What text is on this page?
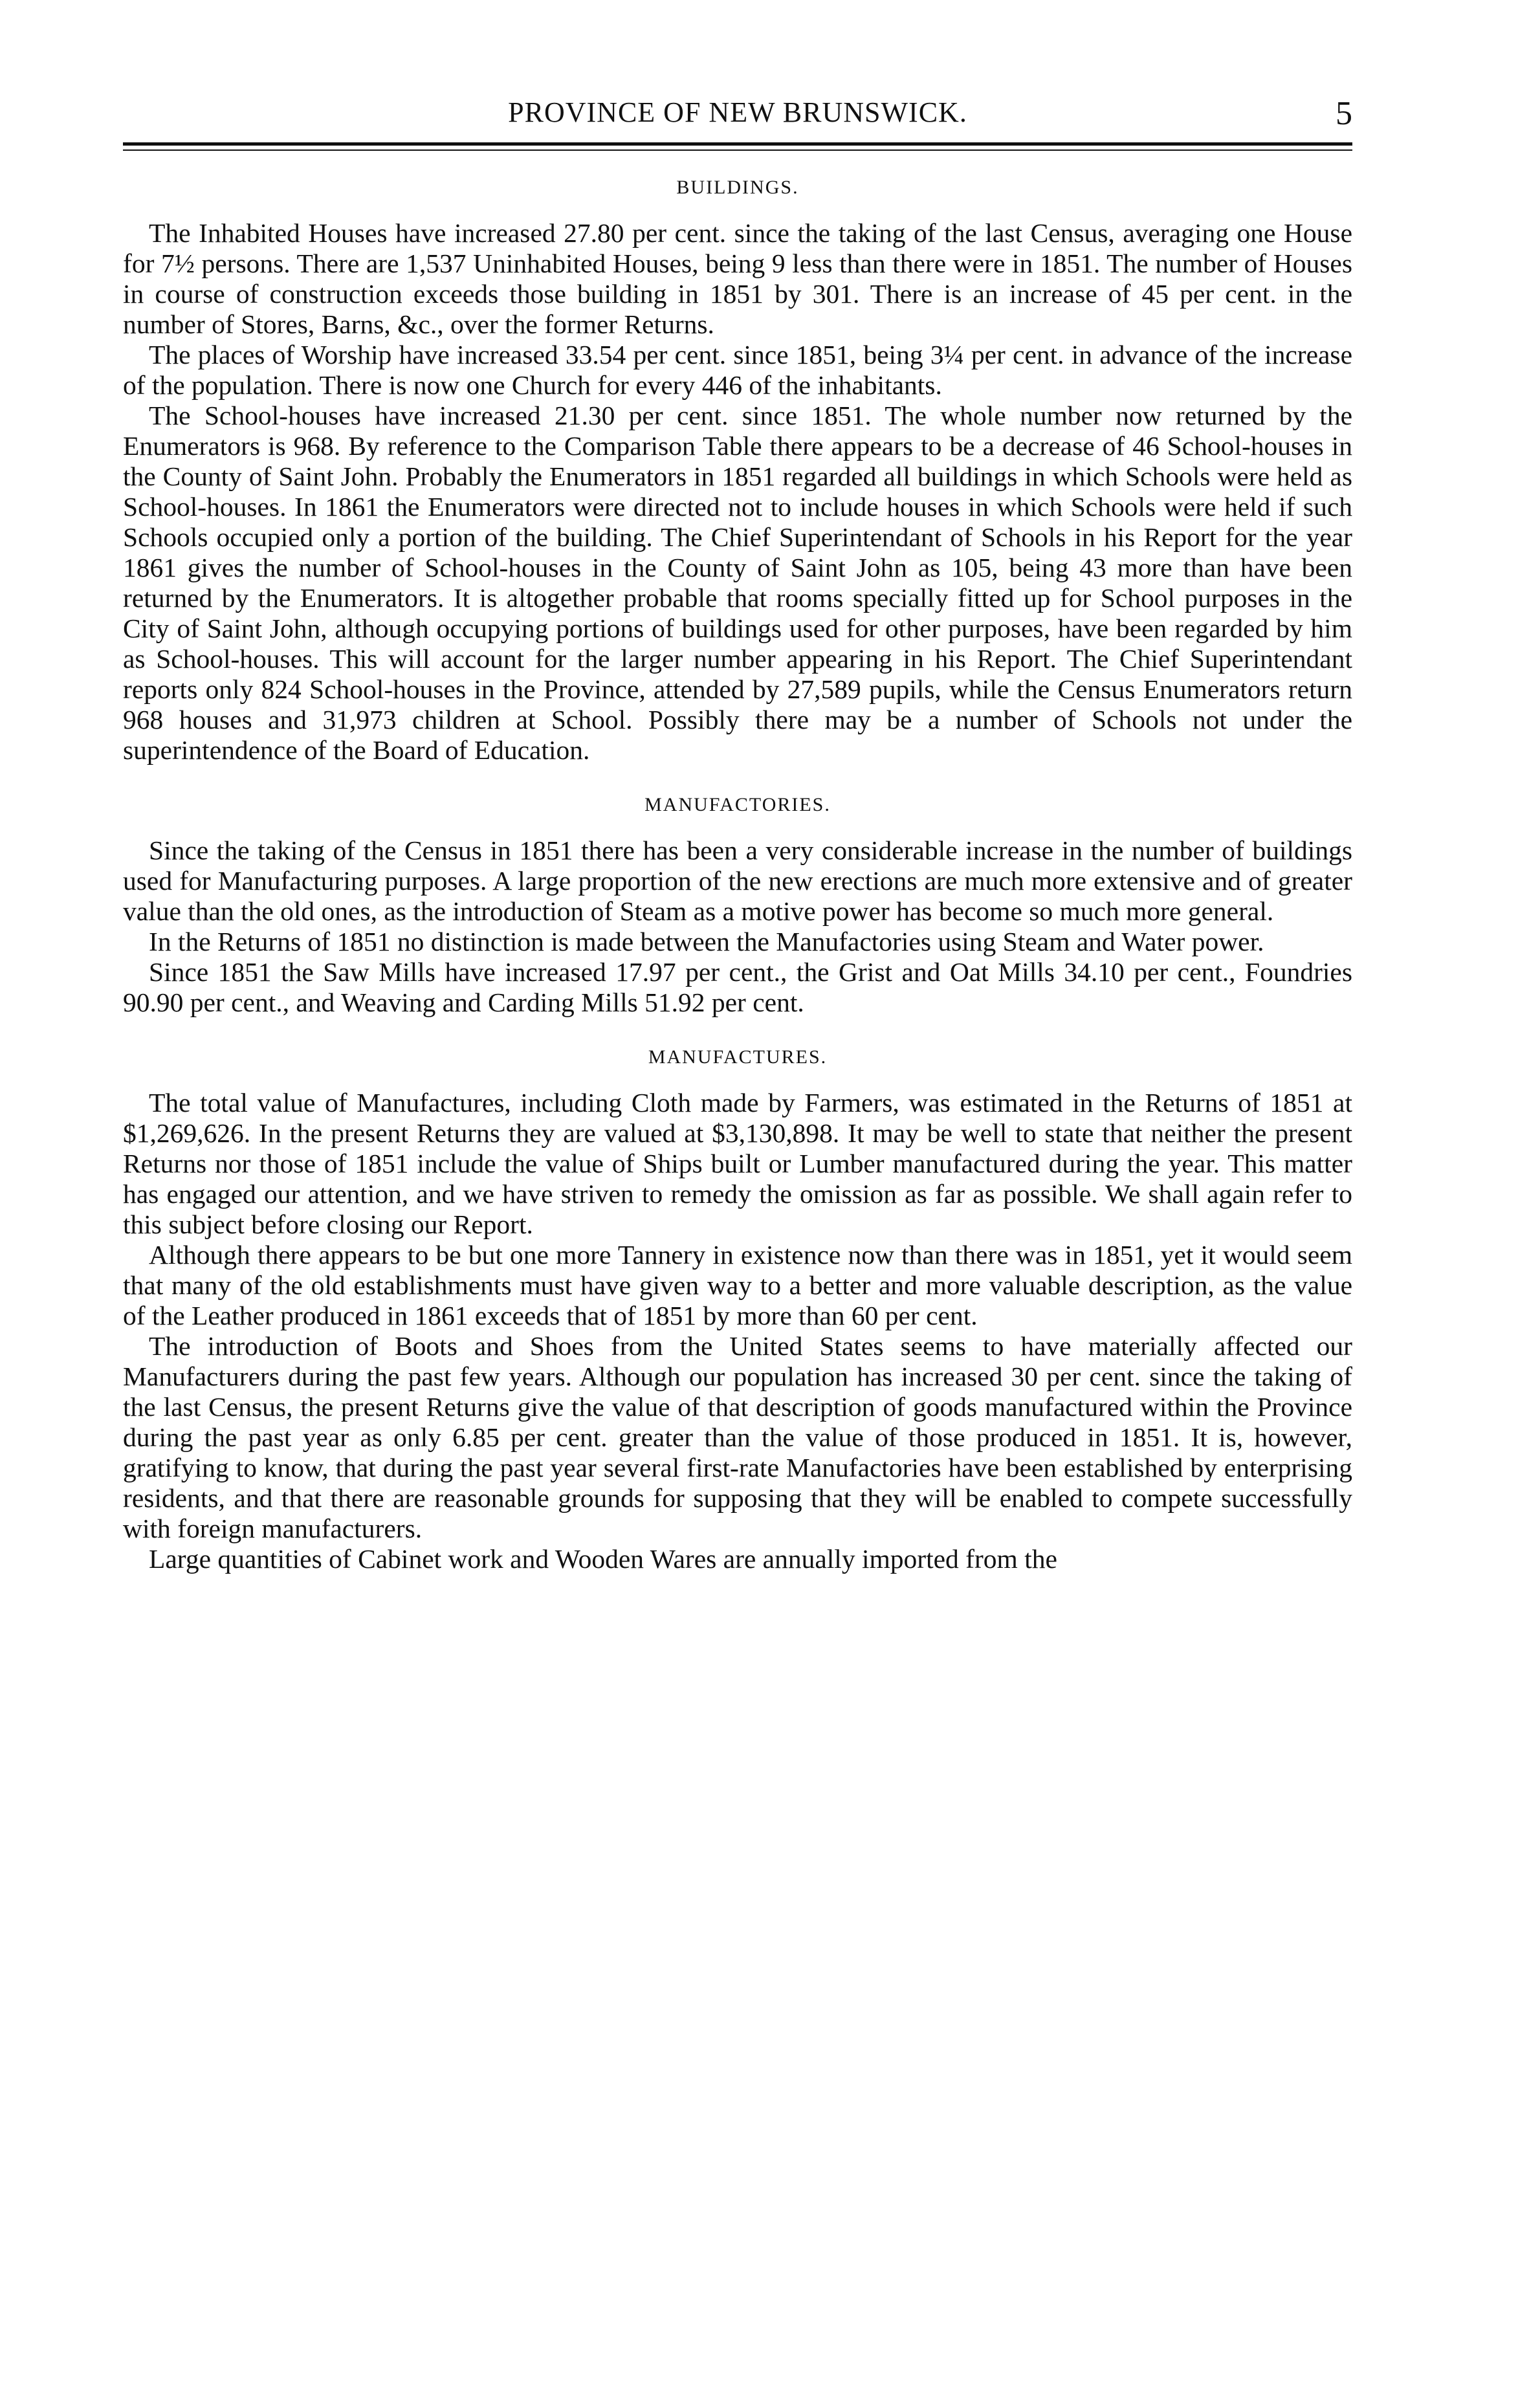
PROVINCE OF NEW BRUNSWICK.	5
BUILDINGS.

The Inhabited Houses have increased 27.80 per cent. since the taking of the last Census, averaging one House for 7½ persons. There are 1,537 Uninhabited Houses, being 9 less than there were in 1851. The number of Houses in course of construction exceeds those building in 1851 by 301. There is an increase of 45 per cent. in the number of Stores, Barns, &c., over the former Returns.

The places of Worship have increased 33.54 per cent. since 1851, being 3¼ per cent. in advance of the increase of the population. There is now one Church for every 446 of the inhabitants.

The School-houses have increased 21.30 per cent. since 1851. The whole number now returned by the Enumerators is 968. By reference to the Comparison Table there appears to be a decrease of 46 School-houses in the County of Saint John. Probably the Enumerators in 1851 regarded all buildings in which Schools were held as School-houses. In 1861 the Enumerators were directed not to include houses in which Schools were held if such Schools occupied only a portion of the building. The Chief Superintendant of Schools in his Report for the year 1861 gives the number of School-houses in the County of Saint John as 105, being 43 more than have been returned by the Enumerators. It is altogether probable that rooms specially fitted up for School purposes in the City of Saint John, although occupying portions of buildings used for other purposes, have been regarded by him as School-houses. This will account for the larger number appearing in his Report. The Chief Superintendant reports only 824 School-houses in the Province, attended by 27,589 pupils, while the Census Enumerators return 968 houses and 31,973 children at School. Possibly there may be a number of Schools not under the superintendence of the Board of Education.

MANUFACTORIES.

Since the taking of the Census in 1851 there has been a very considerable increase in the number of buildings used for Manufacturing purposes. A large proportion of the new erections are much more extensive and of greater value than the old ones, as the introduction of Steam as a motive power has become so much more general.

In the Returns of 1851 no distinction is made between the Manufactories using Steam and Water power.

Since 1851 the Saw Mills have increased 17.97 per cent., the Grist and Oat Mills 34.10 per cent., Foundries 90.90 per cent., and Weaving and Carding Mills 51.92 per cent.

MANUFACTURES.

The total value of Manufactures, including Cloth made by Farmers, was estimated in the Returns of 1851 at $1,269,626. In the present Returns they are valued at $3,130,898. It may be well to state that neither the present Returns nor those of 1851 include the value of Ships built or Lumber manufactured during the year. This matter has engaged our attention, and we have striven to remedy the omission as far as possible. We shall again refer to this subject before closing our Report.

Although there appears to be but one more Tannery in existence now than there was in 1851, yet it would seem that many of the old establishments must have given way to a better and more valuable description, as the value of the Leather produced in 1861 exceeds that of 1851 by more than 60 per cent.

The introduction of Boots and Shoes from the United States seems to have materially affected our Manufacturers during the past few years. Although our population has increased 30 per cent. since the taking of the last Census, the present Returns give the value of that description of goods manufactured within the Province during the past year as only 6.85 per cent. greater than the value of those produced in 1851. It is, however, gratifying to know, that during the past year several first-rate Manufactories have been established by enterprising residents, and that there are reasonable grounds for supposing that they will be enabled to compete successfully with foreign manufacturers.

Large quantities of Cabinet work and Wooden Wares are annually imported from the
